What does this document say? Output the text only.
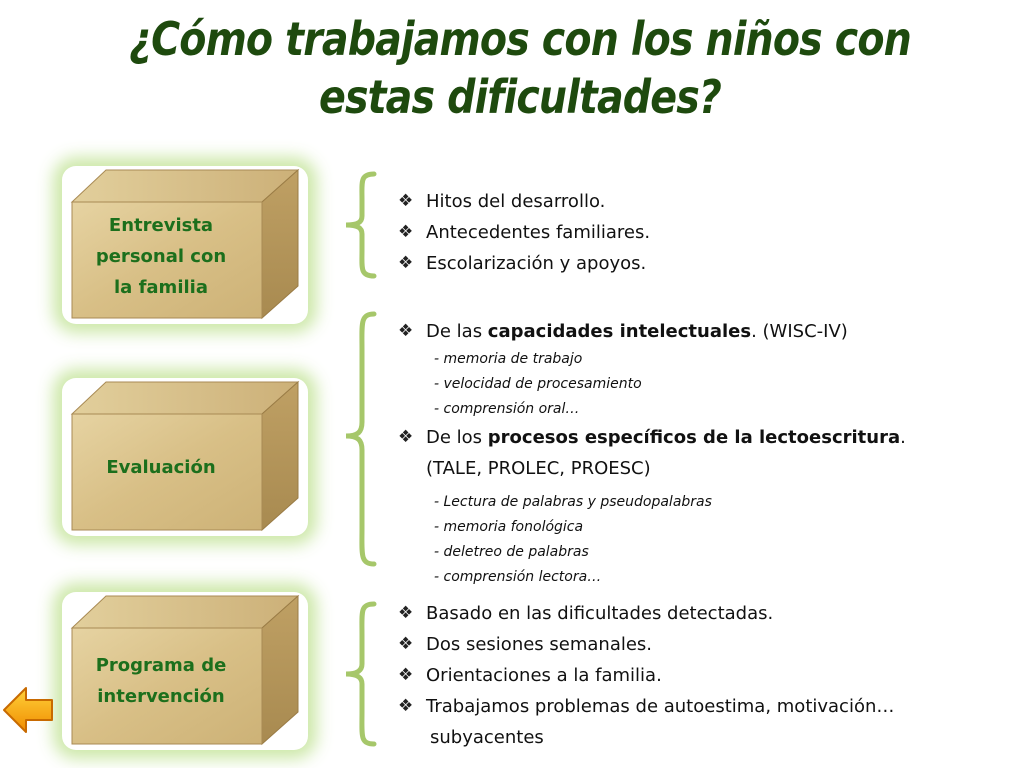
¿Cómo trabajamos con los niños con estas dificultades?
Entrevista
personal con
la familia
Evaluación
Programa de
intervención
❖ Hitos del desarrollo.
❖ Antecedentes familiares.
❖ Escolarización y apoyos.
❖ De las capacidades intelectuales. (WISC-IV)
- memoria de trabajo
- velocidad de procesamiento
- comprensión oral…
❖ De los procesos específicos de la lectoescritura.
(TALE, PROLEC, PROESC)
- Lectura de palabras y pseudopalabras
- memoria fonológica
- deletreo de palabras
- comprensión lectora…
❖ Basado en las dificultades detectadas.
❖ Dos sesiones semanales.
❖ Orientaciones a la familia.
❖ Trabajamos problemas de autoestima, motivación…
subyacentes
